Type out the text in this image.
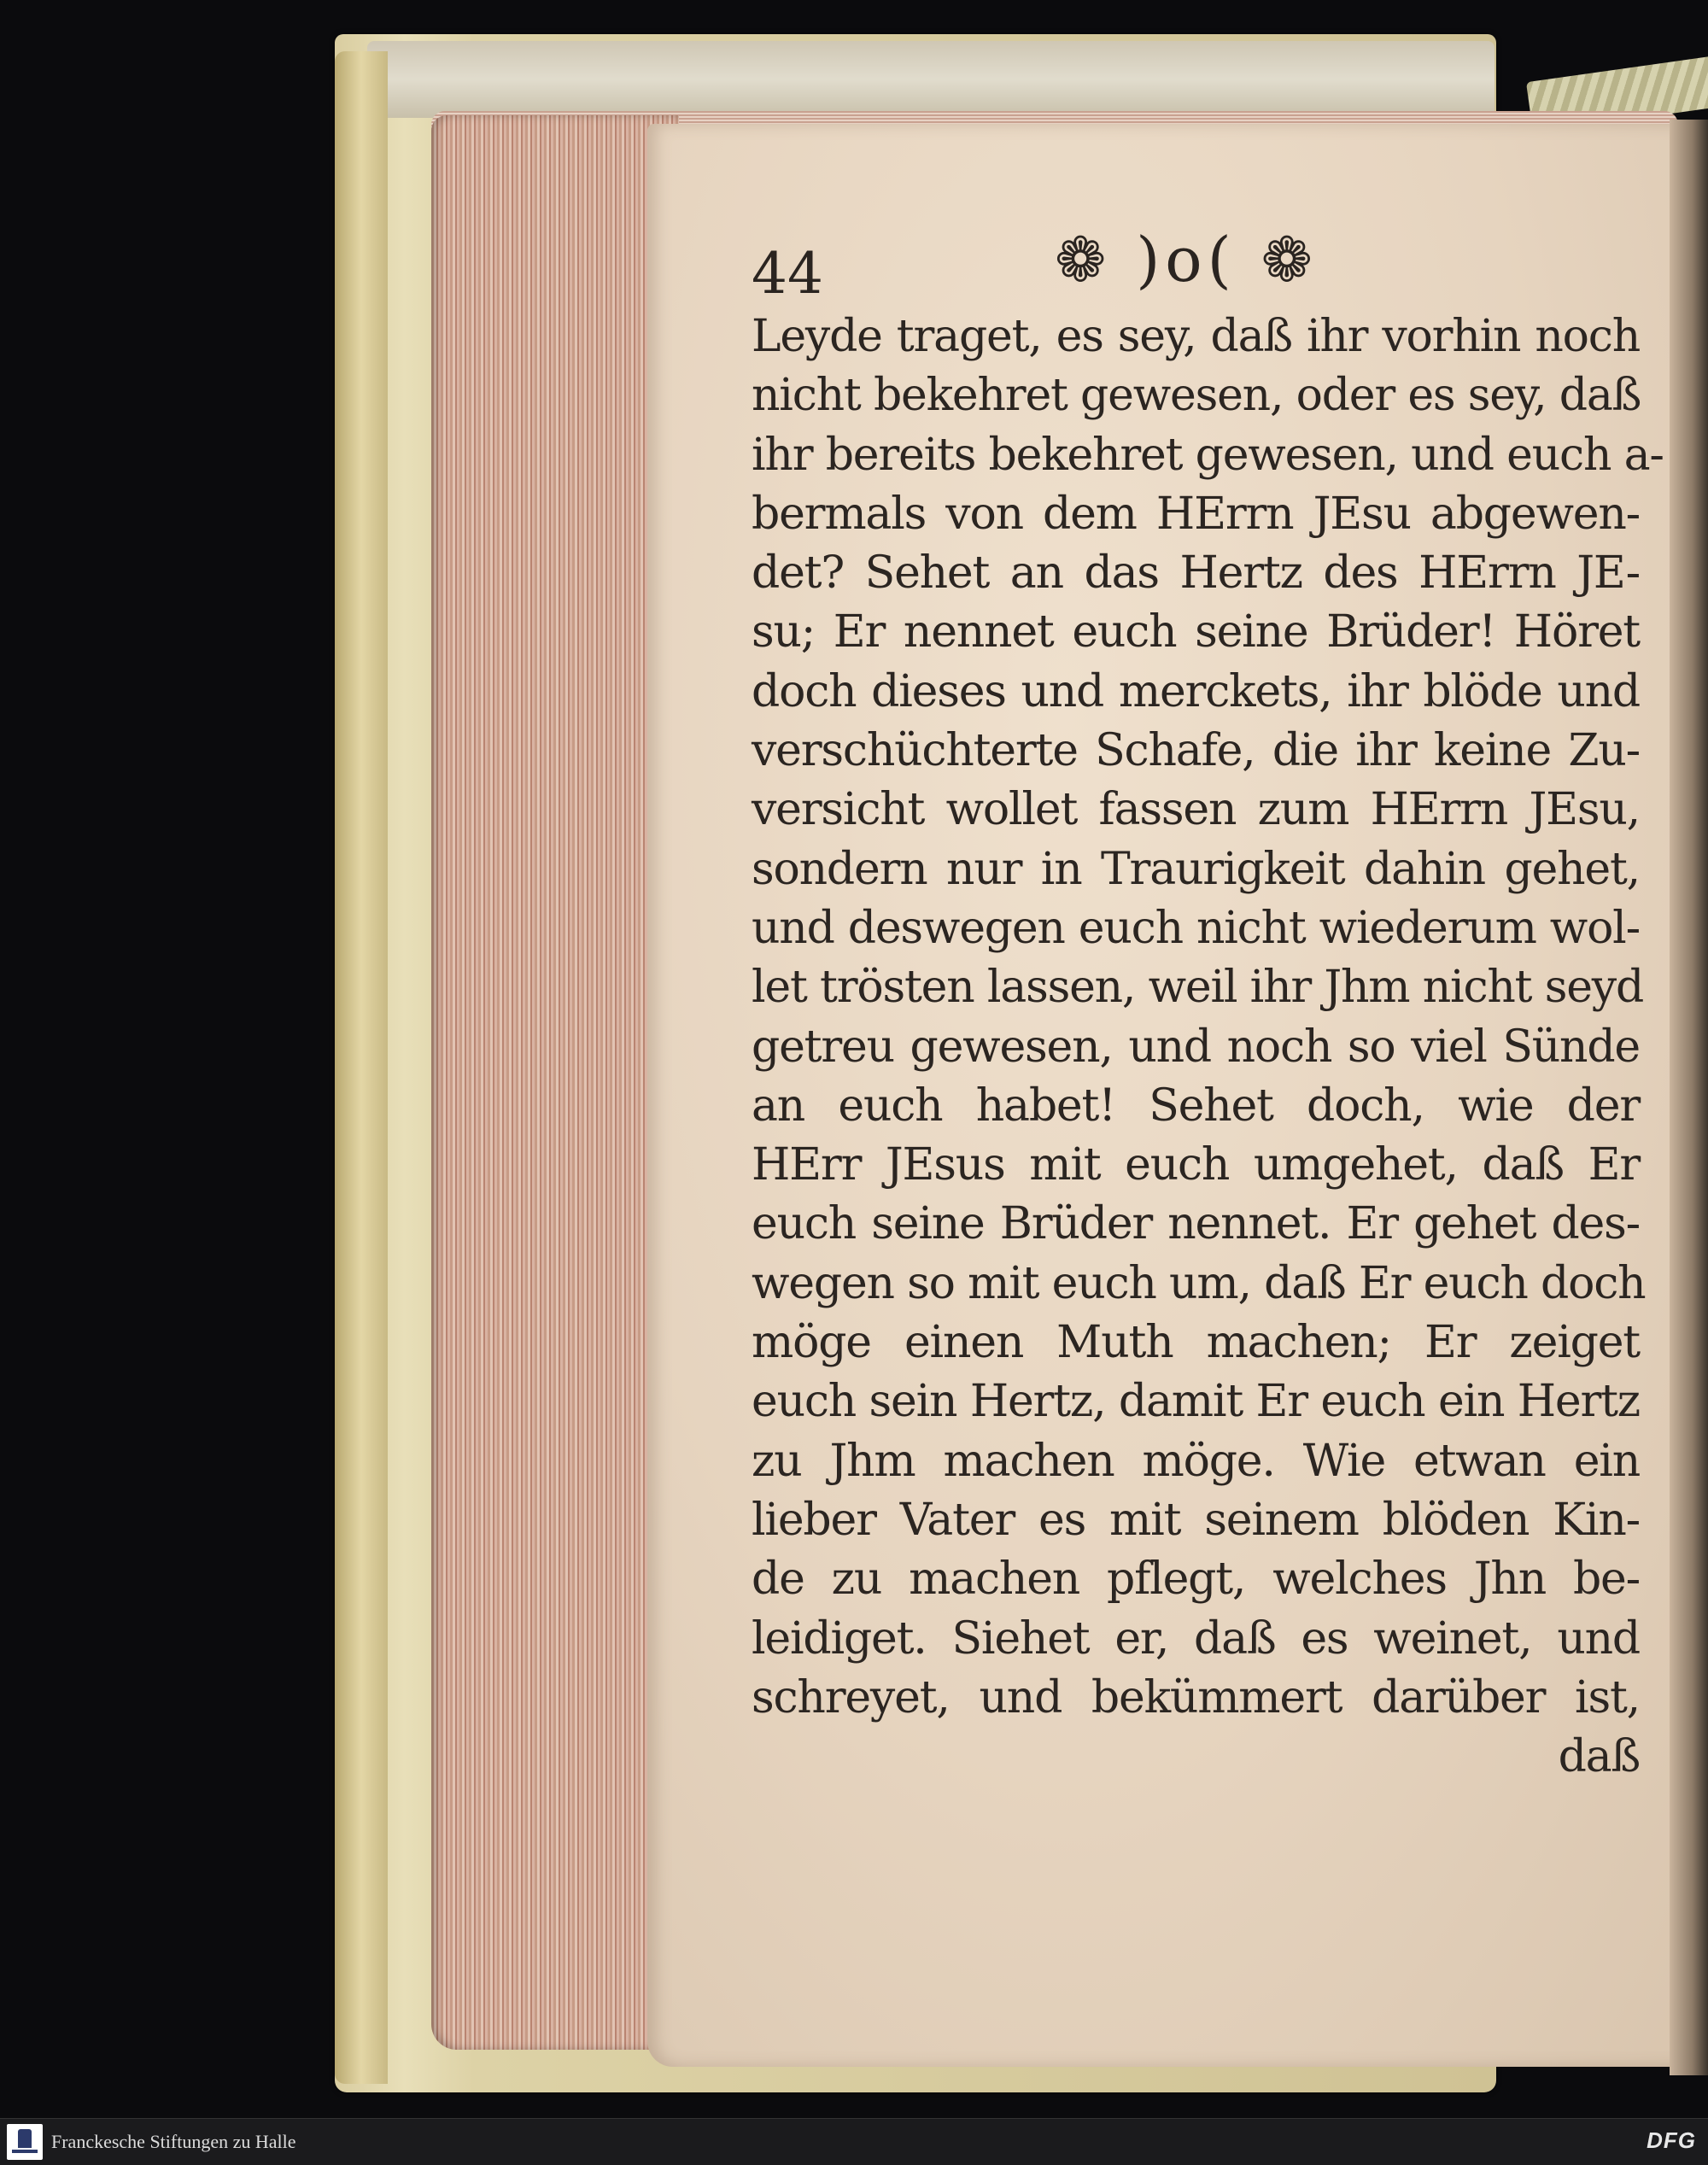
44	❁ )o( ❁
Leyde traget, es sey, daß ihr vorhin noch
nicht bekehret gewesen, oder es sey, daß
ihr bereits bekehret gewesen, und euch a-
bermals von dem HErrn JEsu abgewen-
det? Sehet an das Hertz des HErrn JE-
su; Er nennet euch seine Brüder! Höret
doch dieses und merckets, ihr blöde und
verschüchterte Schafe, die ihr keine Zu-
versicht wollet fassen zum HErrn JEsu,
sondern nur in Traurigkeit dahin gehet,
und deswegen euch nicht wiederum wol-
let trösten lassen, weil ihr Jhm nicht seyd
getreu gewesen, und noch so viel Sünde
an euch habet! Sehet doch, wie der
HErr JEsus mit euch umgehet, daß Er
euch seine Brüder nennet. Er gehet des-
wegen so mit euch um, daß Er euch doch
möge einen Muth machen; Er zeiget
euch sein Hertz, damit Er euch ein Hertz
zu Jhm machen möge. Wie etwan ein
lieber Vater es mit seinem blöden Kin-
de zu machen pflegt, welches Jhn be-
leidiget. Siehet er, daß es weinet, und
schreyet, und bekümmert darüber ist,
daß
Franckesche Stiftungen zu Halle	DFG
